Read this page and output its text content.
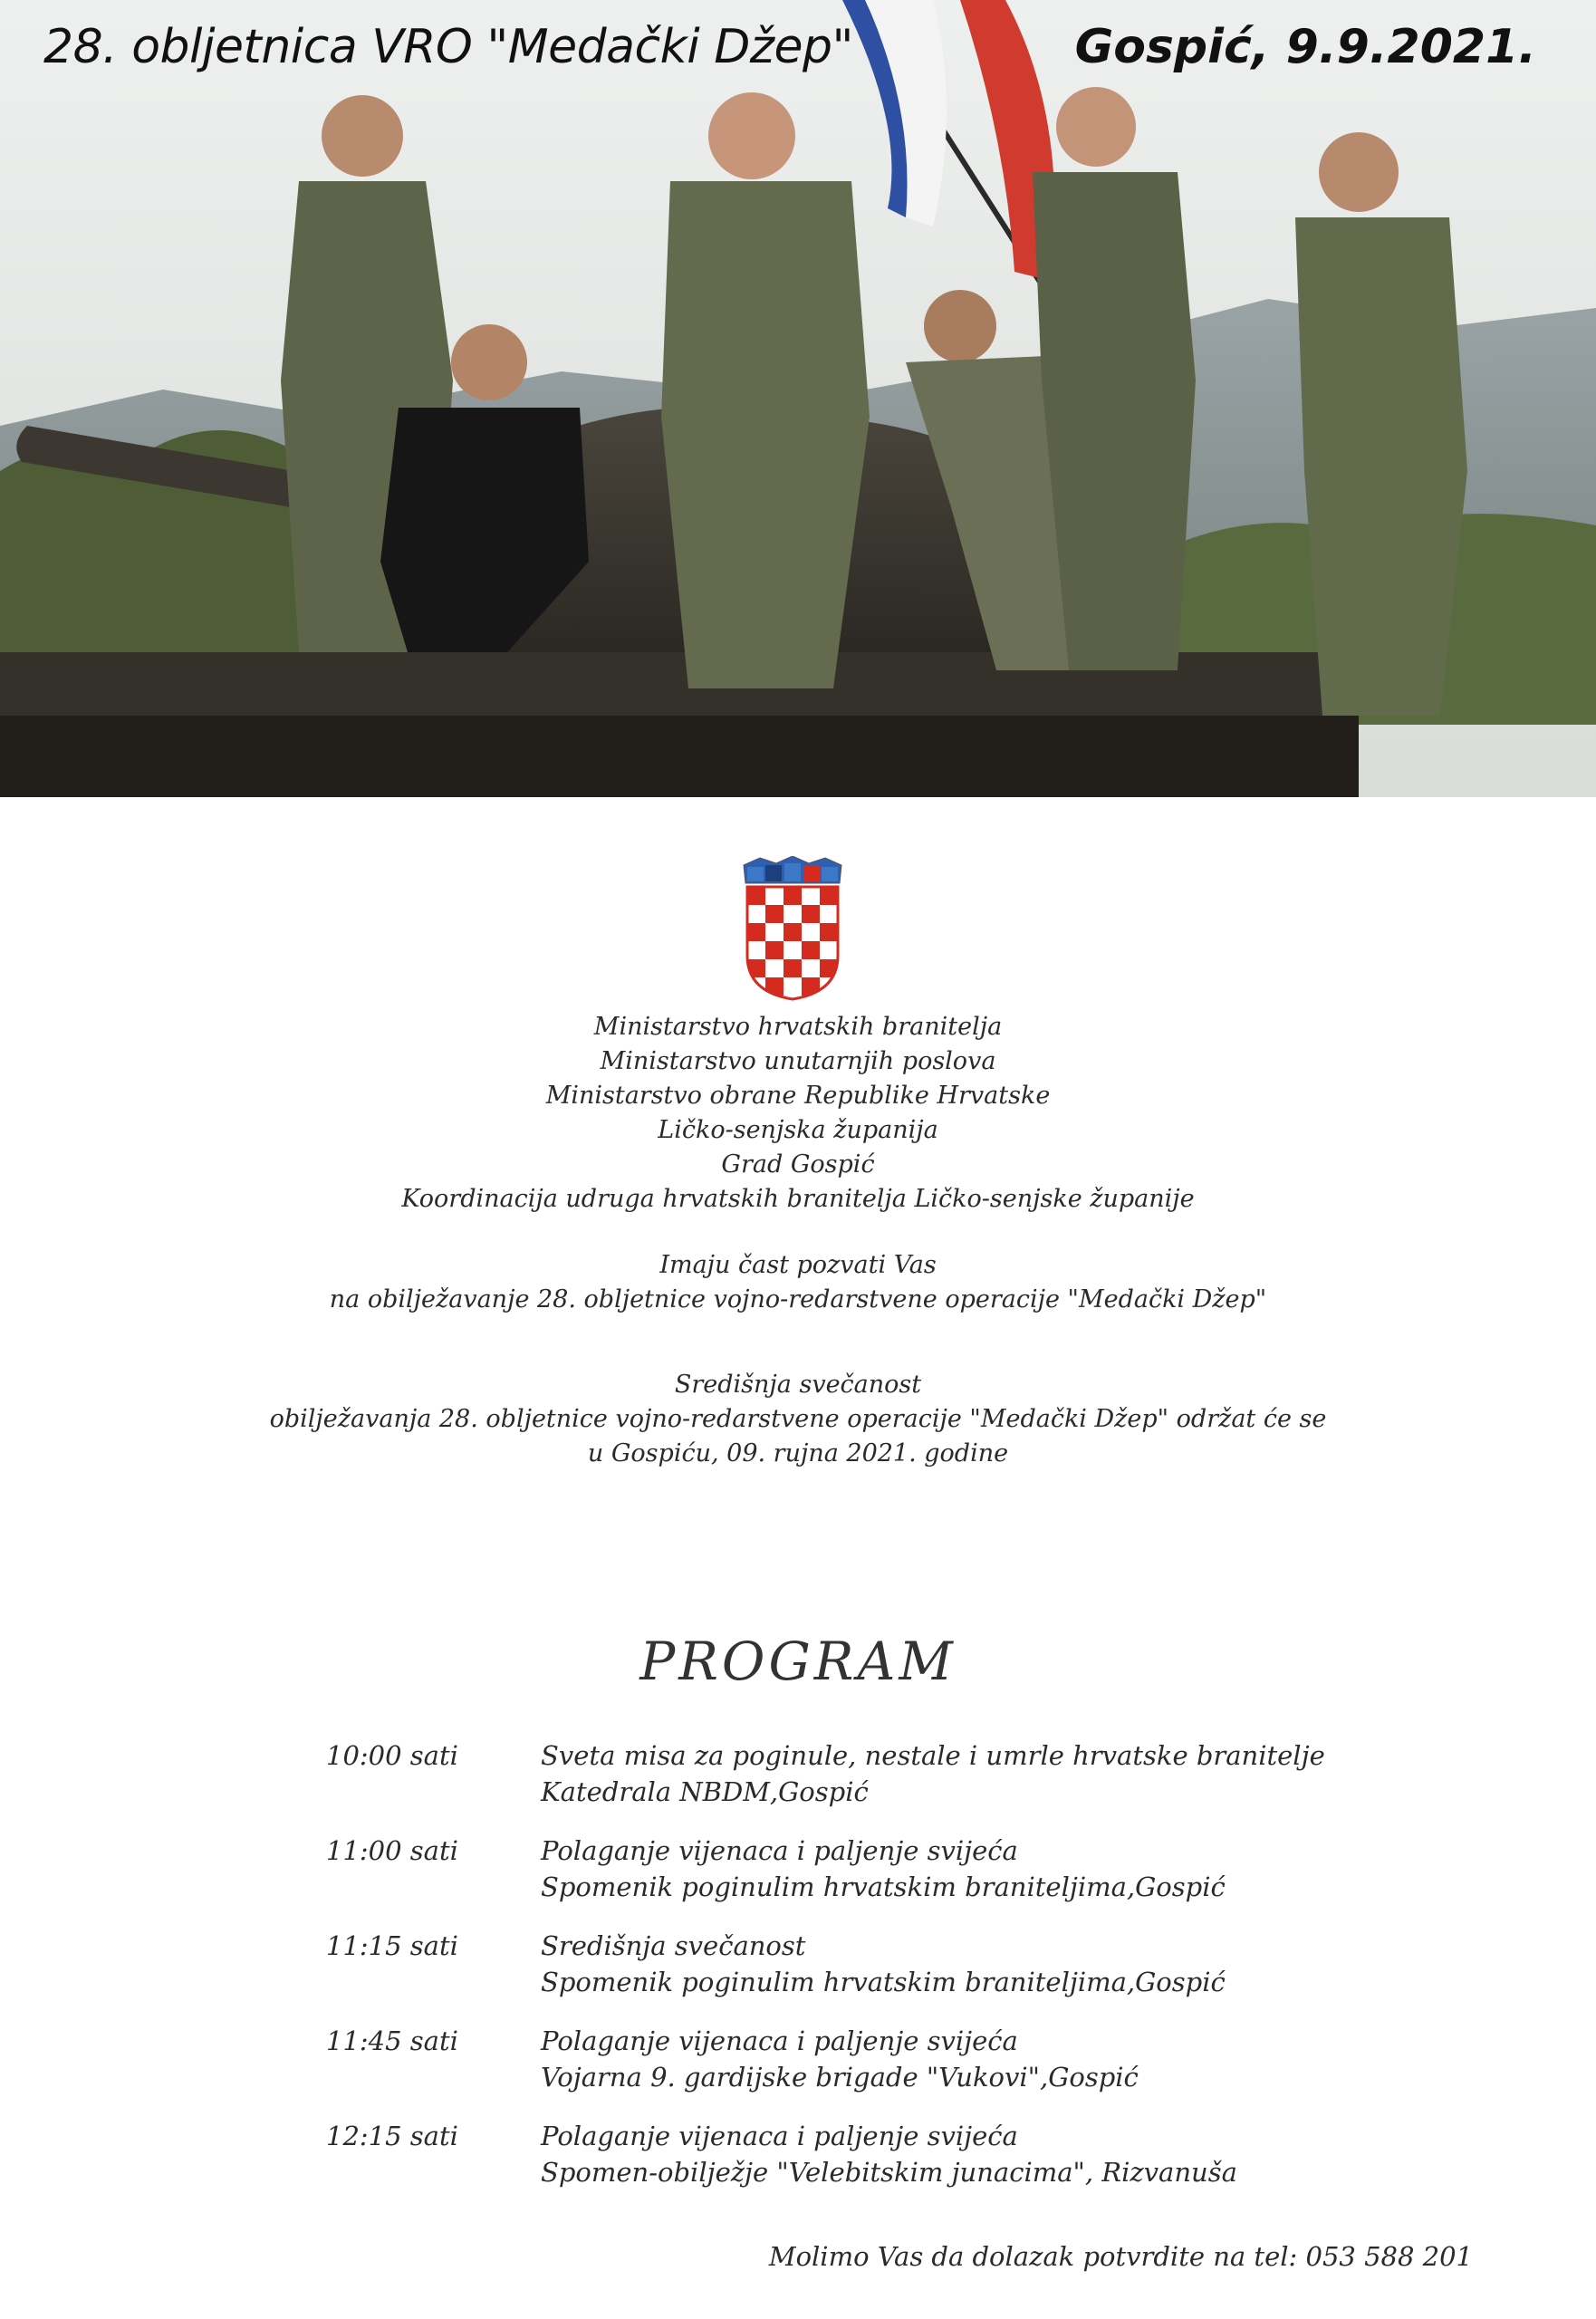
28. obljetnica VRO "Medački Džep"	Gospić, 9.9.2021.
Ministarstvo hrvatskih branitelja
Ministarstvo unutarnjih poslova
Ministarstvo obrane Republike Hrvatske
Ličko-senjska županija
Grad Gospić
Koordinacija udruga hrvatskih branitelja Ličko-senjske županije
Imaju čast pozvati Vas
na obilježavanje 28. obljetnice vojno-redarstvene operacije "Medački Džep"
Središnja svečanost
obilježavanja 28. obljetnice vojno-redarstvene operacije "Medački Džep" održat će se
u Gospiću, 09. rujna 2021. godine
PROGRAM
10:00 sati	Sveta misa za poginule, nestale i umrle hrvatske branitelje
Katedrala NBDM,Gospić
11:00 sati	Polaganje vijenaca i paljenje svijeća
Spomenik poginulim hrvatskim braniteljima,Gospić
11:15 sati	Središnja svečanost
Spomenik poginulim hrvatskim braniteljima,Gospić
11:45 sati	Polaganje vijenaca i paljenje svijeća
Vojarna 9. gardijske brigade "Vukovi",Gospić
12:15 sati	Polaganje vijenaca i paljenje svijeća
Spomen-obilježje "Velebitskim junacima", Rizvanuša
Molimo Vas da dolazak potvrdite na tel: 053 588 201
